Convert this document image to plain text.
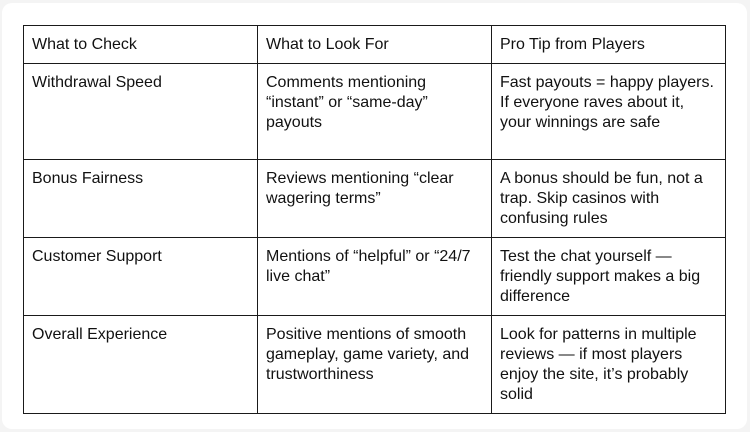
What to Check	What to Look For	Pro Tip from Players
Withdrawal Speed	Comments mentioning “instant” or “same-day” payouts	Fast payouts = happy players. If everyone raves about it, your winnings are safe
Bonus Fairness	Reviews mentioning “clear wagering terms”	A bonus should be fun, not a trap. Skip casinos with confusing rules
Customer Support	Mentions of “helpful” or “24/7 live chat”	Test the chat yourself — friendly support makes a big difference
Overall Experience	Positive mentions of smooth gameplay, game variety, and trustworthiness	Look for patterns in multiple reviews — if most players enjoy the site, it’s probably solid
